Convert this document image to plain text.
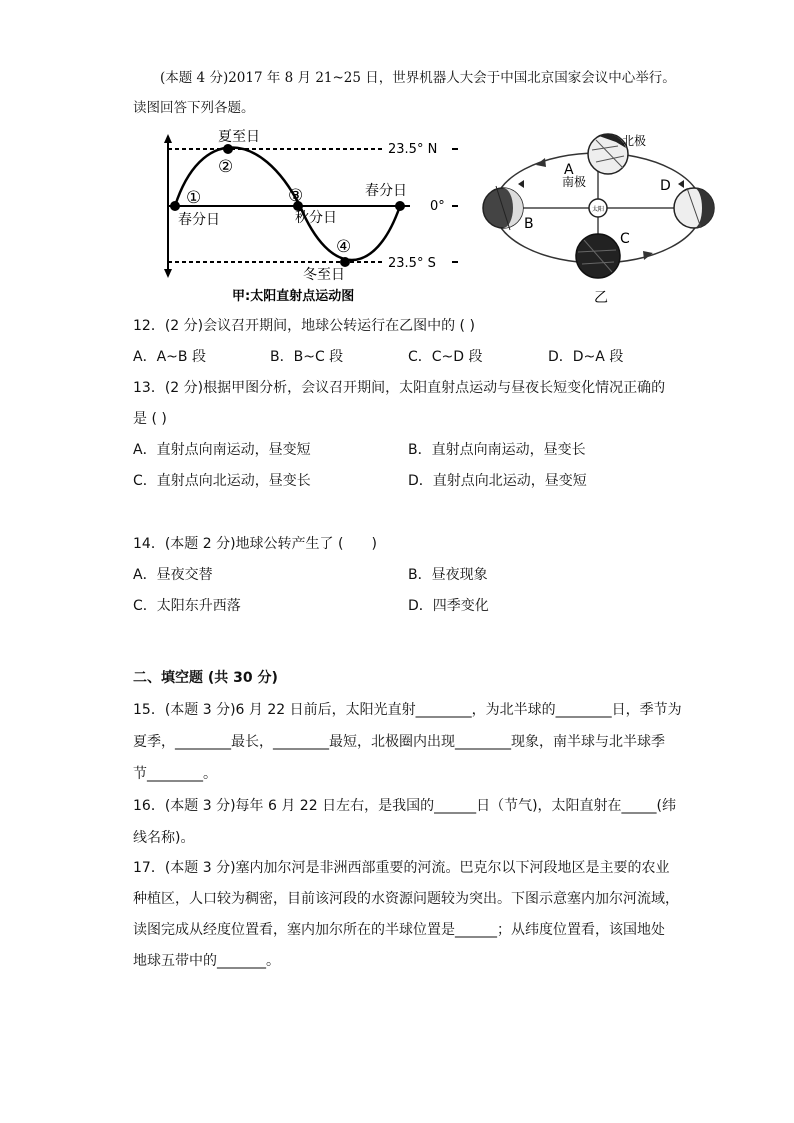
(本题 4 分)2017 年 8 月 21~25 日，世界机器人大会于中国北京国家会议中心举行。
读图回答下列各题。
夏至日
②
①
春分日
③
秋分日
④
冬至日
春分日
23.5° N
0°
23.5° S
甲:太阳直射点运动图
太阳
北极
A
南极
B
C
D
乙
12．(2 分)会议召开期间，地球公转运行在乙图中的 ( )
A．A~B 段	B．B~C 段	C．C~D 段	D．D~A 段
13．(2 分)根据甲图分析，会议召开期间，太阳直射点运动与昼夜长短变化情况正确的
是 ( )
A．直射点向南运动，昼变短	B．直射点向南运动，昼变长
C．直射点向北运动，昼变长	D．直射点向北运动，昼变短
14．(本题 2 分)地球公转产生了 (　　)
A．昼夜交替	B．昼夜现象
C．太阳东升西落	D．四季变化
二、填空题 (共 30 分)
15．(本题 3 分)6 月 22 日前后，太阳光直射________，为北半球的________日，季节为
夏季，________最长，________最短，北极圈内出现________现象，南半球与北半球季
节________。
16．(本题 3 分)每年 6 月 22 日左右，是我国的______日（节气)，太阳直射在_____(纬
线名称)。
17．(本题 3 分)塞内加尔河是非洲西部重要的河流。巴克尔以下河段地区是主要的农业
种植区，人口较为稠密，目前该河段的水资源问题较为突出。下图示意塞内加尔河流域，
读图完成从经度位置看，塞内加尔所在的半球位置是______；从纬度位置看，该国地处
地球五带中的_______。
